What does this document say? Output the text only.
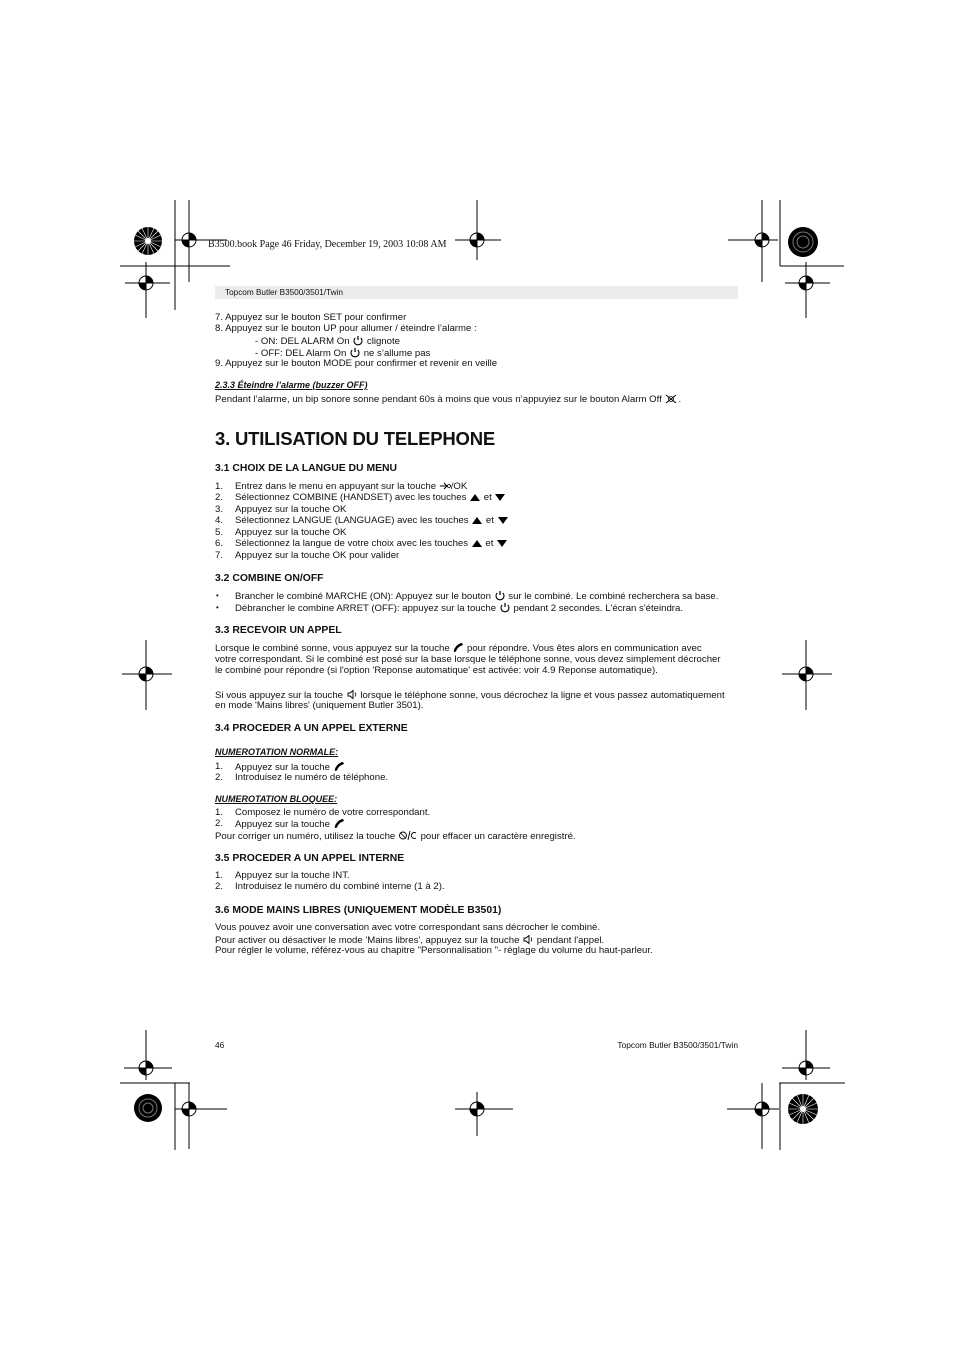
B3500.book Page 46 Friday, December 19, 2003 10:08 AM
Topcom Butler B3500/3501/Twin
7. Appuyez sur le bouton SET pour confirmer
8. Appuyez sur le bouton UP pour allumer / éteindre l’alarme :
- ON: DEL ALARM On clignote
- OFF: DEL Alarm On ne s’allume pas
9. Appuyez sur le bouton MODE pour confirmer et revenir en veille
2.3.3 Éteindre l’alarme (buzzer OFF)
Pendant l’alarme, un bip sonore sonne pendant 60s à moins que vous n’appuyiez sur le bouton Alarm Off .
3. UTILISATION DU TELEPHONE
3.1 CHOIX DE LA LANGUE DU MENU
1. Entrez dans le menu en appuyant sur la touche /OK
2. Sélectionnez COMBINE (HANDSET) avec les touches et
3. Appuyez sur la touche OK
4. Sélectionnez LANGUE (LANGUAGE) avec les touches et
5. Appuyez sur la touche OK
6. Sélectionnez la langue de votre choix avec les touches et
7. Appuyez sur la touche OK pour valider
3.2 COMBINE ON/OFF
• Brancher le combiné MARCHE (ON): Appuyez sur le bouton sur le combiné. Le combiné recherchera sa base.
• Débrancher le combine ARRET (OFF): appuyez sur la touche pendant 2 secondes. L'écran s'éteindra.
3.3 RECEVOIR UN APPEL
Lorsque le combiné sonne, vous appuyez sur la touche pour répondre. Vous êtes alors en communication avec
votre correspondant. Si le combiné est posé sur la base lorsque le téléphone sonne, vous devez simplement décrocher
le combiné pour répondre (si l'option 'Reponse automatique' est activée: voir 4.9 Reponse automatique).
Si vous appuyez sur la touche lorsque le téléphone sonne, vous décrochez la ligne et vous passez automatiquement
en mode 'Mains libres' (uniquement Butler 3501).
3.4 PROCEDER A UN APPEL EXTERNE
NUMEROTATION NORMALE:
1. Appuyez sur la touche
2. Introduisez le numéro de téléphone.
NUMEROTATION BLOQUEE:
1. Composez le numéro de votre correspondant.
2. Appuyez sur la touche
Pour corriger un numéro, utilisez la touche	pour effacer un caractère enregistré.
3.5 PROCEDER A UN APPEL INTERNE
1. Appuyez sur la touche INT.
2. Introduisez le numéro du combiné interne (1 à 2).
3.6 MODE MAINS LIBRES (UNIQUEMENT MODÈLE B3501)
Vous pouvez avoir une conversation avec votre correspondant sans décrocher le combiné.
Pour activer ou désactiver le mode 'Mains libres', appuyez sur la touche pendant l'appel.
Pour régler le volume, référez-vous au chapitre "Personnalisation "- réglage du volume du haut-parleur.
46	Topcom Butler B3500/3501/Twin
